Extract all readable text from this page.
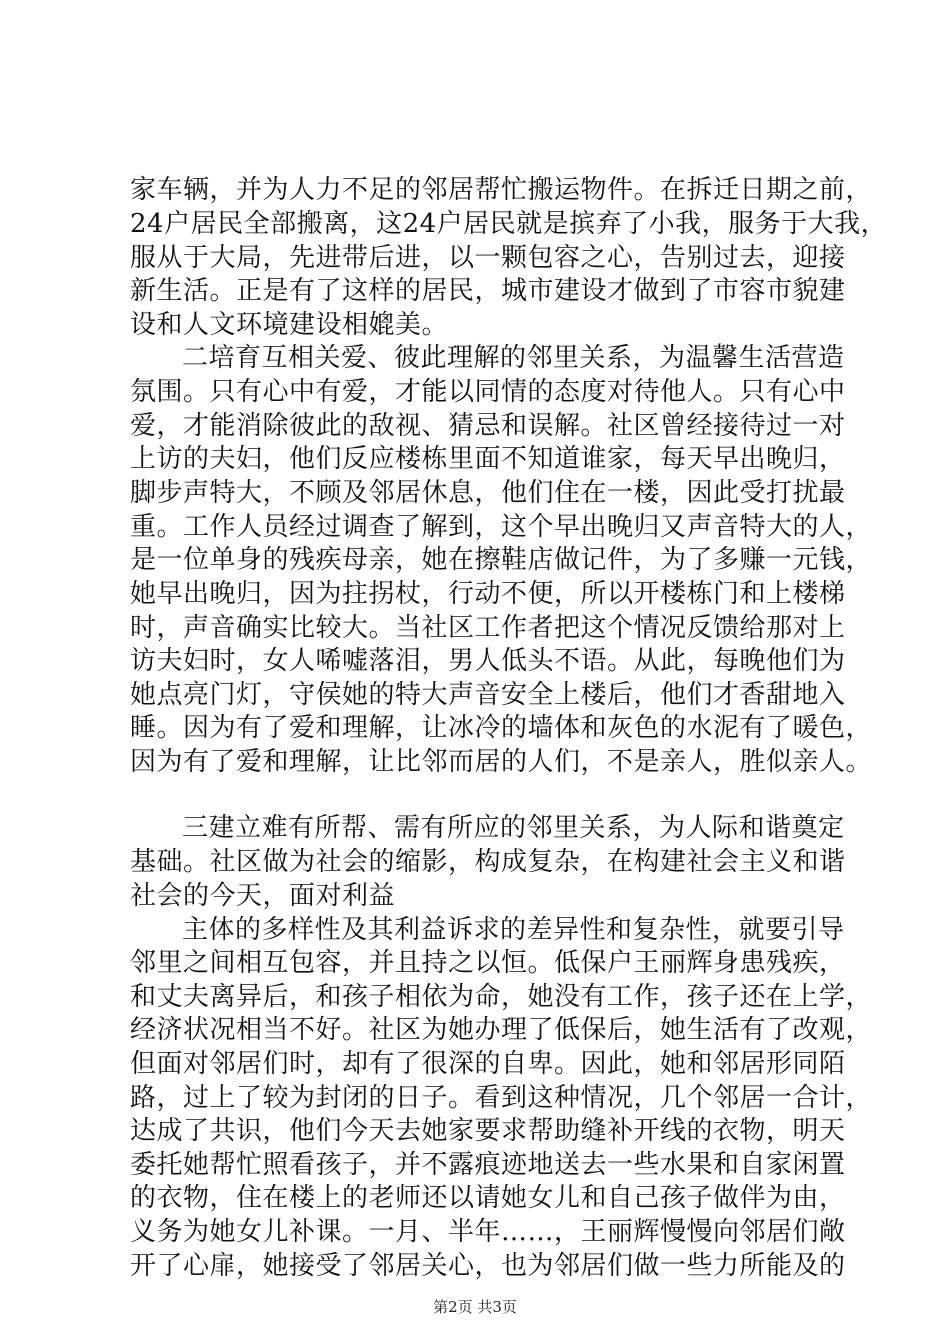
家车辆，并为人力不足的邻居帮忙搬运物件。在拆迁日期之前，
24户居民全部搬离，这24户居民就是摈弃了小我，服务于大我，
服从于大局，先进带后进，以一颗包容之心，告别过去，迎接
新生活。正是有了这样的居民，城市建设才做到了市容市貌建
设和人文环境建设相媲美。
二培育互相关爱、彼此理解的邻里关系，为温馨生活营造
氛围。只有心中有爱，才能以同情的态度对待他人。只有心中
爱，才能消除彼此的敌视、猜忌和误解。社区曾经接待过一对
上访的夫妇，他们反应楼栋里面不知道谁家，每天早出晚归，
脚步声特大，不顾及邻居休息，他们住在一楼，因此受打扰最
重。工作人员经过调查了解到，这个早出晚归又声音特大的人，
是一位单身的残疾母亲，她在擦鞋店做记件，为了多赚一元钱，
她早出晚归，因为拄拐杖，行动不便，所以开楼栋门和上楼梯
时，声音确实比较大。当社区工作者把这个情况反馈给那对上
访夫妇时，女人唏嘘落泪，男人低头不语。从此，每晚他们为
她点亮门灯，守侯她的特大声音安全上楼后，他们才香甜地入
睡。因为有了爱和理解，让冰冷的墙体和灰色的水泥有了暖色，
因为有了爱和理解，让比邻而居的人们，不是亲人，胜似亲人。
三建立难有所帮、需有所应的邻里关系，为人际和谐奠定
基础。社区做为社会的缩影，构成复杂，在构建社会主义和谐
社会的今天，面对利益
主体的多样性及其利益诉求的差异性和复杂性，就要引导
邻里之间相互包容，并且持之以恒。低保户王丽辉身患残疾，
和丈夫离异后，和孩子相依为命，她没有工作，孩子还在上学，
经济状况相当不好。社区为她办理了低保后，她生活有了改观，
但面对邻居们时，却有了很深的自卑。因此，她和邻居形同陌
路，过上了较为封闭的日子。看到这种情况，几个邻居一合计，
达成了共识，他们今天去她家要求帮助缝补开线的衣物，明天
委托她帮忙照看孩子，并不露痕迹地送去一些水果和自家闲置
的衣物，住在楼上的老师还以请她女儿和自己孩子做伴为由，
义务为她女儿补课。一月、半年……，王丽辉慢慢向邻居们敞
开了心扉，她接受了邻居关心，也为邻居们做一些力所能及的
第2页 共3页
